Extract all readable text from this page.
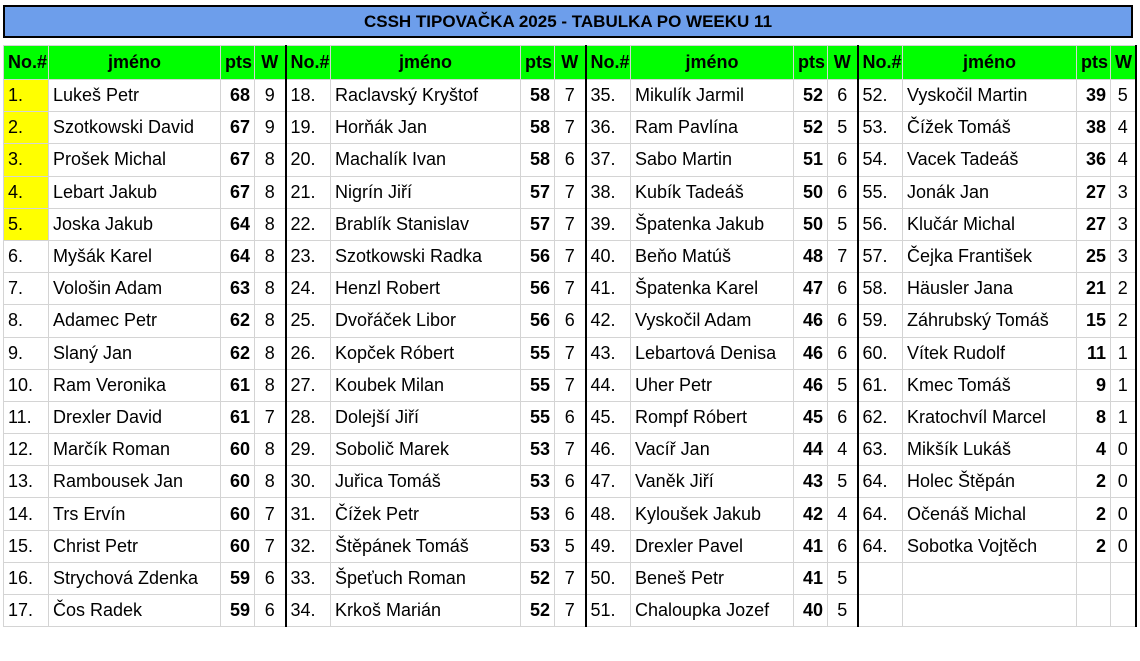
CSSH TIPOVAČKA 2025 - TABULKA PO WEEKU 11
No.#	jméno	pts	W	No.#	jméno	pts	W	No.#	jméno	pts	W	No.#	jméno	pts	W
1.	Lukeš Petr	68	9	18.	Raclavský Kryštof	58	7	35.	Mikulík Jarmil	52	6	52.	Vyskočil Martin	39	5
2.	Szotkowski David	67	9	19.	Horňák Jan	58	7	36.	Ram Pavlína	52	5	53.	Čížek Tomáš	38	4
3.	Prošek Michal	67	8	20.	Machalík Ivan	58	6	37.	Sabo Martin	51	6	54.	Vacek Tadeáš	36	4
4.	Lebart Jakub	67	8	21.	Nigrín Jiří	57	7	38.	Kubík Tadeáš	50	6	55.	Jonák Jan	27	3
5.	Joska Jakub	64	8	22.	Brablík Stanislav	57	7	39.	Špatenka Jakub	50	5	56.	Klučár Michal	27	3
6.	Myšák Karel	64	8	23.	Szotkowski Radka	56	7	40.	Beňo Matúš	48	7	57.	Čejka František	25	3
7.	Vološin Adam	63	8	24.	Henzl Robert	56	7	41.	Špatenka Karel	47	6	58.	Häusler Jana	21	2
8.	Adamec Petr	62	8	25.	Dvořáček Libor	56	6	42.	Vyskočil Adam	46	6	59.	Záhrubský Tomáš	15	2
9.	Slaný Jan	62	8	26.	Kopček Róbert	55	7	43.	Lebartová Denisa	46	6	60.	Vítek Rudolf	11	1
10.	Ram Veronika	61	8	27.	Koubek Milan	55	7	44.	Uher Petr	46	5	61.	Kmec Tomáš	9	1
11.	Drexler David	61	7	28.	Dolejší Jiří	55	6	45.	Rompf Róbert	45	6	62.	Kratochvíl Marcel	8	1
12.	Marčík Roman	60	8	29.	Sobolič Marek	53	7	46.	Vacíř Jan	44	4	63.	Mikšík Lukáš	4	0
13.	Rambousek Jan	60	8	30.	Juřica Tomáš	53	6	47.	Vaněk Jiří	43	5	64.	Holec Štěpán	2	0
14.	Trs Ervín	60	7	31.	Čížek Petr	53	6	48.	Kyloušek Jakub	42	4	64.	Očenáš Michal	2	0
15.	Christ Petr	60	7	32.	Štěpánek Tomáš	53	5	49.	Drexler Pavel	41	6	64.	Sobotka Vojtěch	2	0
16.	Strychová Zdenka	59	6	33.	Špeťuch Roman	52	7	50.	Beneš Petr	41	5				
17.	Čos Radek	59	6	34.	Krkoš Marián	52	7	51.	Chaloupka Jozef	40	5				
